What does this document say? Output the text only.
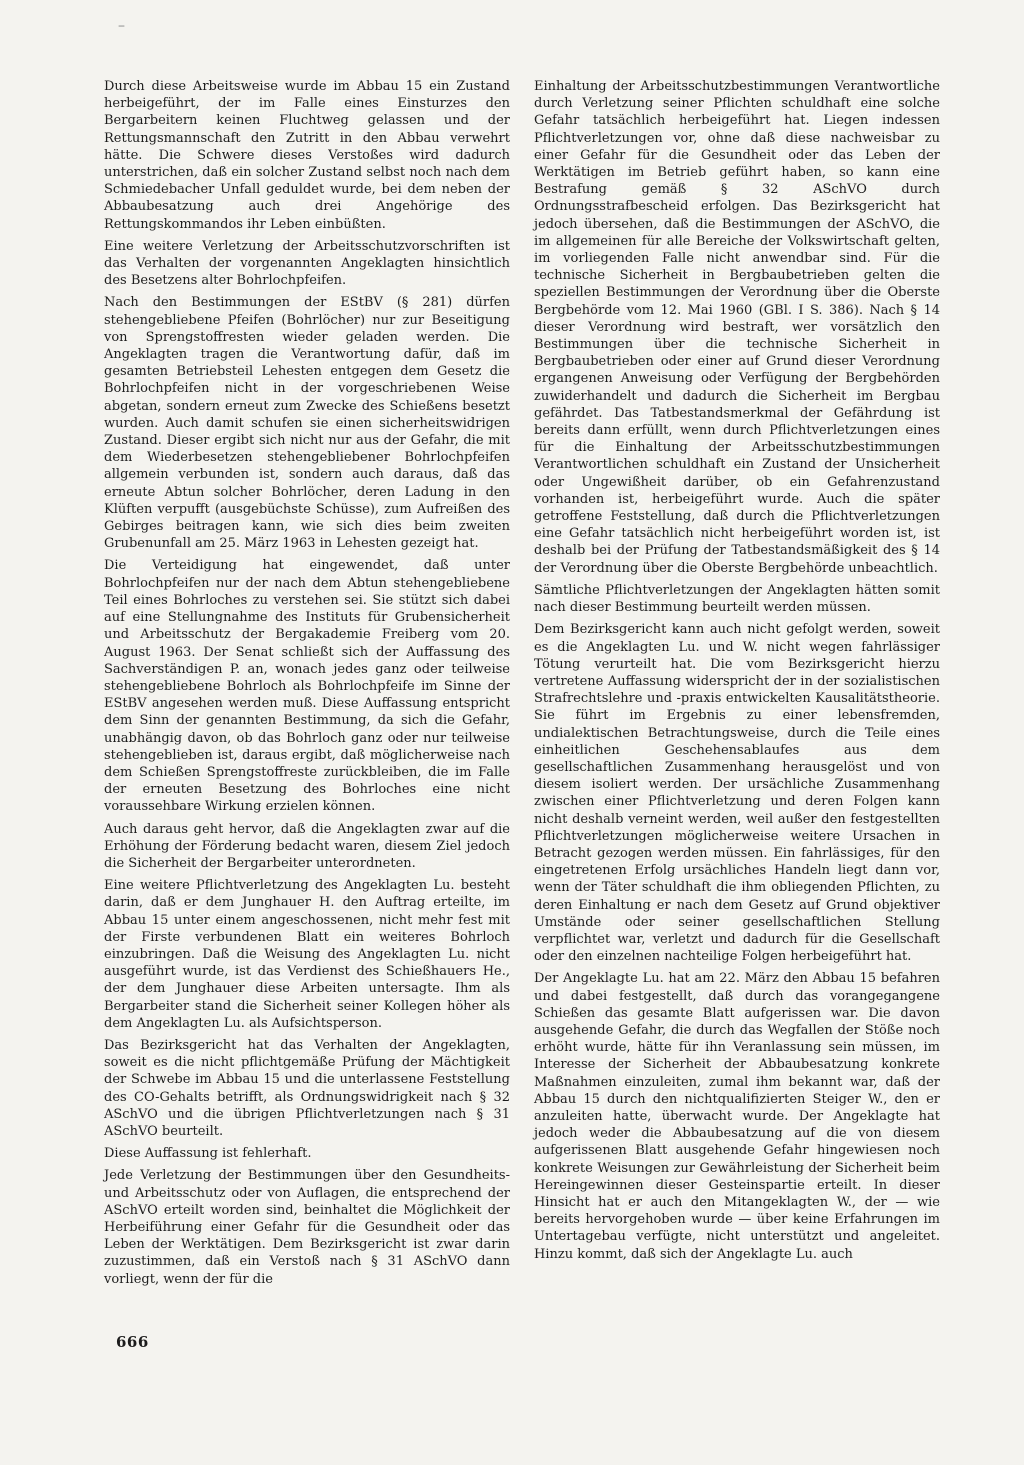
–

Durch diese Arbeitsweise wurde im Abbau 15 ein Zustand herbeigeführt, der im Falle eines Einsturzes den Bergarbeitern keinen Fluchtweg gelassen und der Rettungsmannschaft den Zutritt in den Abbau verwehrt hätte. Die Schwere dieses Verstoßes wird dadurch unterstrichen, daß ein solcher Zustand selbst noch nach dem Schmiedebacher Unfall geduldet wurde, bei dem neben der Abbaubesatzung auch drei Angehörige des Rettungskommandos ihr Leben einbüßten.

Eine weitere Verletzung der Arbeitsschutzvorschriften ist das Verhalten der vorgenannten Angeklagten hinsichtlich des Besetzens alter Bohrlochpfeifen.

Nach den Bestimmungen der EStBV (§ 281) dürfen stehengebliebene Pfeifen (Bohrlöcher) nur zur Beseitigung von Sprengstoffresten wieder geladen werden. Die Angeklagten tragen die Verantwortung dafür, daß im gesamten Betriebsteil Lehesten entgegen dem Gesetz die Bohrlochpfeifen nicht in der vorgeschriebenen Weise abgetan, sondern erneut zum Zwecke des Schießens besetzt wurden. Auch damit schufen sie einen sicherheitswidrigen Zustand. Dieser ergibt sich nicht nur aus der Gefahr, die mit dem Wiederbesetzen stehengebliebener Bohrlochpfeifen allgemein verbunden ist, sondern auch daraus, daß das erneute Abtun solcher Bohrlöcher, deren Ladung in den Klüften verpufft (ausgebüchste Schüsse), zum Aufreißen des Gebirges beitragen kann, wie sich dies beim zweiten Grubenunfall am 25. März 1963 in Lehesten gezeigt hat.

Die Verteidigung hat eingewendet, daß unter Bohrlochpfeifen nur der nach dem Abtun stehengebliebene Teil eines Bohrloches zu verstehen sei. Sie stützt sich dabei auf eine Stellungnahme des Instituts für Grubensicherheit und Arbeitsschutz der Bergakademie Freiberg vom 20. August 1963. Der Senat schließt sich der Auffassung des Sachverständigen P. an, wonach jedes ganz oder teilweise stehengebliebene Bohrloch als Bohrlochpfeife im Sinne der EStBV angesehen werden muß. Diese Auffassung entspricht dem Sinn der genannten Bestimmung, da sich die Gefahr, unabhängig davon, ob das Bohrloch ganz oder nur teilweise stehengeblieben ist, daraus ergibt, daß möglicherweise nach dem Schießen Sprengstoffreste zurückbleiben, die im Falle der erneuten Besetzung des Bohrloches eine nicht voraussehbare Wirkung erzielen können.

Auch daraus geht hervor, daß die Angeklagten zwar auf die Erhöhung der Förderung bedacht waren, diesem Ziel jedoch die Sicherheit der Bergarbeiter unterordneten.

Eine weitere Pflichtverletzung des Angeklagten Lu. besteht darin, daß er dem Junghauer H. den Auftrag erteilte, im Abbau 15 unter einem angeschossenen, nicht mehr fest mit der Firste verbundenen Blatt ein weiteres Bohrloch einzubringen. Daß die Weisung des Angeklagten Lu. nicht ausgeführt wurde, ist das Verdienst des Schießhauers He., der dem Junghauer diese Arbeiten untersagte. Ihm als Bergarbeiter stand die Sicherheit seiner Kollegen höher als dem Angeklagten Lu. als Aufsichtsperson.

Das Bezirksgericht hat das Verhalten der Angeklagten, soweit es die nicht pflichtgemäße Prüfung der Mächtigkeit der Schwebe im Abbau 15 und die unterlassene Feststellung des CO-Gehalts betrifft, als Ordnungswidrigkeit nach § 32 ASchVO und die übrigen Pflichtverletzungen nach § 31 ASchVO beurteilt.

Diese Auffassung ist fehlerhaft.

Jede Verletzung der Bestimmungen über den Gesundheits- und Arbeitsschutz oder von Auflagen, die entsprechend der ASchVO erteilt worden sind, beinhaltet die Möglichkeit der Herbeiführung einer Gefahr für die Gesundheit oder das Leben der Werktätigen. Dem Bezirksgericht ist zwar darin zuzustimmen, daß ein Verstoß nach § 31 ASchVO dann vorliegt, wenn der für die

Einhaltung der Arbeitsschutzbestimmungen Verantwortliche durch Verletzung seiner Pflichten schuldhaft eine solche Gefahr tatsächlich herbeigeführt hat. Liegen indessen Pflichtverletzungen vor, ohne daß diese nachweisbar zu einer Gefahr für die Gesundheit oder das Leben der Werktätigen im Betrieb geführt haben, so kann eine Bestrafung gemäß § 32 ASchVO durch Ordnungsstrafbescheid erfolgen. Das Bezirksgericht hat jedoch übersehen, daß die Bestimmungen der ASchVO, die im allgemeinen für alle Bereiche der Volkswirtschaft gelten, im vorliegenden Falle nicht anwendbar sind. Für die technische Sicherheit in Bergbaubetrieben gelten die speziellen Bestimmungen der Verordnung über die Oberste Bergbehörde vom 12. Mai 1960 (GBl. I S. 386). Nach § 14 dieser Verordnung wird bestraft, wer vorsätzlich den Bestimmungen über die technische Sicherheit in Bergbaubetrieben oder einer auf Grund dieser Verordnung ergangenen Anweisung oder Verfügung der Bergbehörden zuwiderhandelt und dadurch die Sicherheit im Bergbau gefährdet. Das Tatbestandsmerkmal der Gefährdung ist bereits dann erfüllt, wenn durch Pflichtverletzungen eines für die Einhaltung der Arbeitsschutzbestimmungen Verantwortlichen schuldhaft ein Zustand der Unsicherheit oder Ungewißheit darüber, ob ein Gefahrenzustand vorhanden ist, herbeigeführt wurde. Auch die später getroffene Feststellung, daß durch die Pflichtverletzungen eine Gefahr tatsächlich nicht herbeigeführt worden ist, ist deshalb bei der Prüfung der Tatbestandsmäßigkeit des § 14 der Verordnung über die Oberste Bergbehörde unbeachtlich.

Sämtliche Pflichtverletzungen der Angeklagten hätten somit nach dieser Bestimmung beurteilt werden müssen.

Dem Bezirksgericht kann auch nicht gefolgt werden, soweit es die Angeklagten Lu. und W. nicht wegen fahrlässiger Tötung verurteilt hat. Die vom Bezirksgericht hierzu vertretene Auffassung widerspricht der in der sozialistischen Strafrechtslehre und -praxis entwickelten Kausalitätstheorie. Sie führt im Ergebnis zu einer lebensfremden, undialektischen Betrachtungsweise, durch die Teile eines einheitlichen Geschehensablaufes aus dem gesellschaftlichen Zusammenhang herausgelöst und von diesem isoliert werden. Der ursächliche Zusammenhang zwischen einer Pflichtverletzung und deren Folgen kann nicht deshalb verneint werden, weil außer den festgestellten Pflichtverletzungen möglicherweise weitere Ursachen in Betracht gezogen werden müssen. Ein fahrlässiges, für den eingetretenen Erfolg ursächliches Handeln liegt dann vor, wenn der Täter schuldhaft die ihm obliegenden Pflichten, zu deren Einhaltung er nach dem Gesetz auf Grund objektiver Umstände oder seiner gesellschaftlichen Stellung verpflichtet war, verletzt und dadurch für die Gesellschaft oder den einzelnen nachteilige Folgen herbeigeführt hat.

Der Angeklagte Lu. hat am 22. März den Abbau 15 befahren und dabei festgestellt, daß durch das vorangegangene Schießen das gesamte Blatt aufgerissen war. Die davon ausgehende Gefahr, die durch das Wegfallen der Stöße noch erhöht wurde, hätte für ihn Veranlassung sein müssen, im Interesse der Sicherheit der Abbaubesatzung konkrete Maßnahmen einzuleiten, zumal ihm bekannt war, daß der Abbau 15 durch den nichtqualifizierten Steiger W., den er anzuleiten hatte, überwacht wurde. Der Angeklagte hat jedoch weder die Abbaubesatzung auf die von diesem aufgerissenen Blatt ausgehende Gefahr hingewiesen noch konkrete Weisungen zur Gewährleistung der Sicherheit beim Hereingewinnen dieser Gesteinspartie erteilt. In dieser Hinsicht hat er auch den Mitangeklagten W., der — wie bereits hervorgehoben wurde — über keine Erfahrungen im Untertagebau verfügte, nicht unterstützt und angeleitet. Hinzu kommt, daß sich der Angeklagte Lu. auch

666
